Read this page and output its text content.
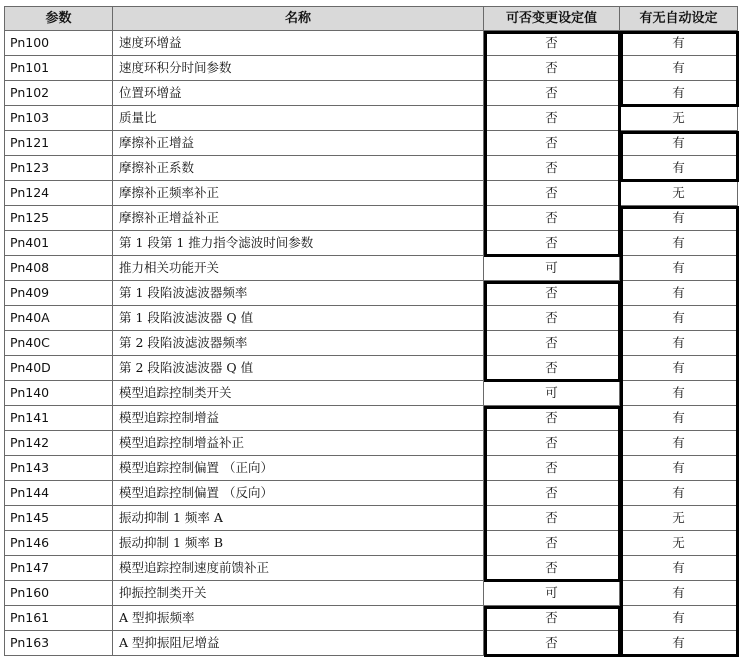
参数	名称	可否变更设定值	有无自动设定
Pn100	速度环增益	否	有
Pn101	速度环积分时间参数	否	有
Pn102	位置环增益	否	有
Pn103	质量比	否	无
Pn121	摩擦补正增益	否	有
Pn123	摩擦补正系数	否	有
Pn124	摩擦补正频率补正	否	无
Pn125	摩擦补正增益补正	否	有
Pn401	第 1 段第 1 推力指令滤波时间参数	否	有
Pn408	推力相关功能开关	可	有
Pn409	第 1 段陷波滤波器频率	否	有
Pn40A	第 1 段陷波滤波器 Q 值	否	有
Pn40C	第 2 段陷波滤波器频率	否	有
Pn40D	第 2 段陷波滤波器 Q 值	否	有
Pn140	模型追踪控制类开关	可	有
Pn141	模型追踪控制增益	否	有
Pn142	模型追踪控制增益补正	否	有
Pn143	模型追踪控制偏置 （正向）	否	有
Pn144	模型追踪控制偏置 （反向）	否	有
Pn145	振动抑制 1 频率 A	否	无
Pn146	振动抑制 1 频率 B	否	无
Pn147	模型追踪控制速度前馈补正	否	有
Pn160	抑振控制类开关	可	有
Pn161	A 型抑振频率	否	有
Pn163	A 型抑振阻尼增益	否	有
